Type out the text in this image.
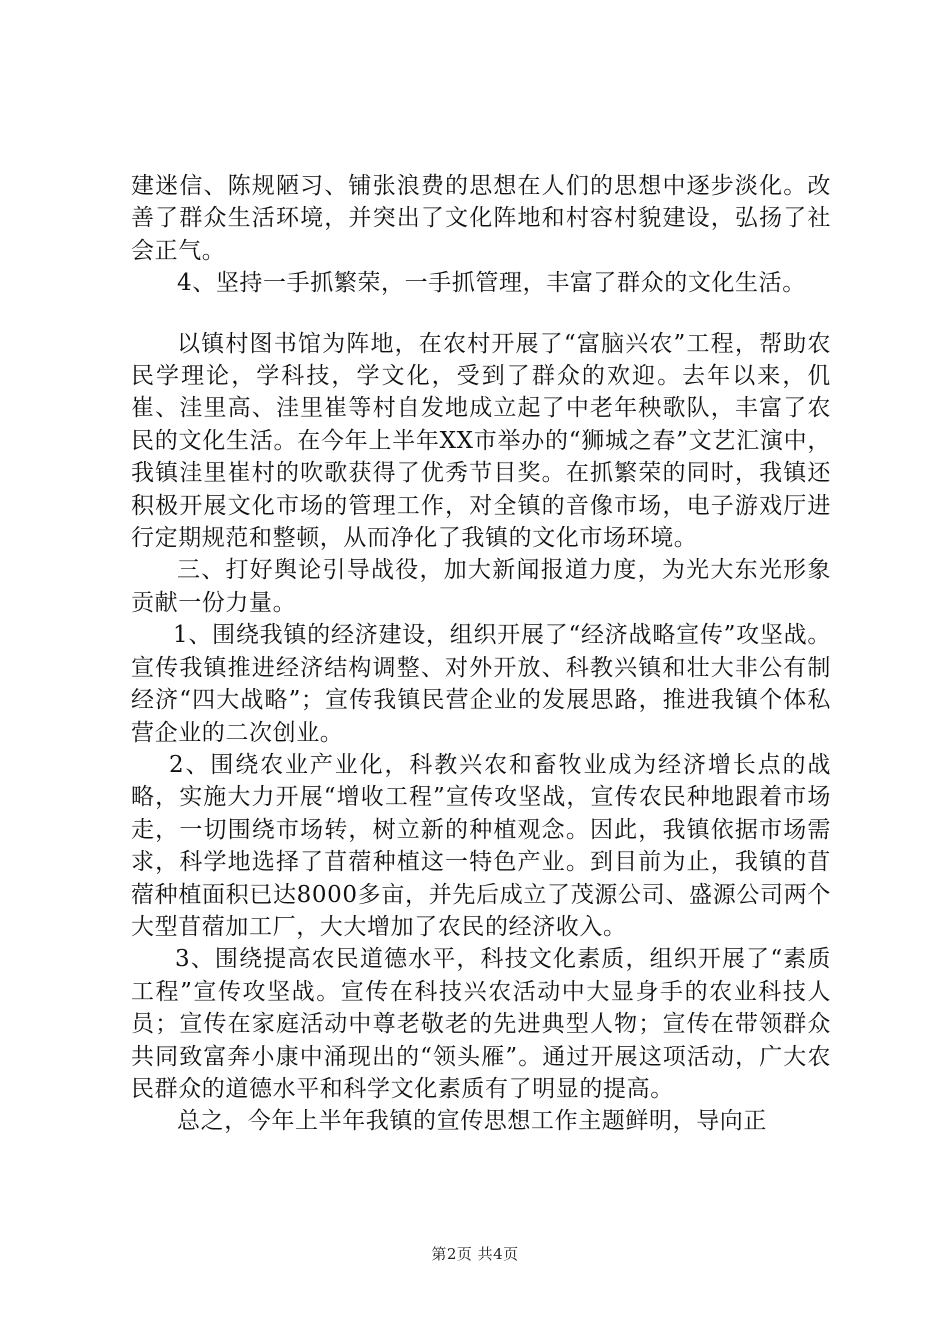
建迷信、陈规陋习、铺张浪费的思想在人们的思想中逐步淡化。改善了群众生活环境，并突出了文化阵地和村容村貌建设，弘扬了社会正气。

4、坚持一手抓繁荣，一手抓管理，丰富了群众的文化生活。

以镇村图书馆为阵地，在农村开展了“富脑兴农”工程，帮助农民学理论，学科技，学文化，受到了群众的欢迎。去年以来，仉崔、洼里高、洼里崔等村自发地成立起了中老年秧歌队，丰富了农民的文化生活。在今年上半年XX市举办的“狮城之春”文艺汇演中，我镇洼里崔村的吹歌获得了优秀节目奖。在抓繁荣的同时，我镇还积极开展文化市场的管理工作，对全镇的音像市场，电子游戏厅进行定期规范和整顿，从而净化了我镇的文化市场环境。

三、打好舆论引导战役，加大新闻报道力度，为光大东光形象贡献一份力量。

1、围绕我镇的经济建设，组织开展了“经济战略宣传”攻坚战。宣传我镇推进经济结构调整、对外开放、科教兴镇和壮大非公有制经济“四大战略”；宣传我镇民营企业的发展思路，推进我镇个体私营企业的二次创业。

2、围绕农业产业化，科教兴农和畜牧业成为经济增长点的战略，实施大力开展“增收工程”宣传攻坚战，宣传农民种地跟着市场走，一切围绕市场转，树立新的种植观念。因此，我镇依据市场需求，科学地选择了苜蓿种植这一特色产业。到目前为止，我镇的苜蓿种植面积已达8000多亩，并先后成立了茂源公司、盛源公司两个大型苜蓿加工厂，大大增加了农民的经济收入。

3、围绕提高农民道德水平，科技文化素质，组织开展了“素质工程”宣传攻坚战。宣传在科技兴农活动中大显身手的农业科技人员；宣传在家庭活动中尊老敬老的先进典型人物；宣传在带领群众共同致富奔小康中涌现出的“领头雁”。通过开展这项活动，广大农民群众的道德水平和科学文化素质有了明显的提高。

总之，今年上半年我镇的宣传思想工作主题鲜明，导向正

第2页 共4页
